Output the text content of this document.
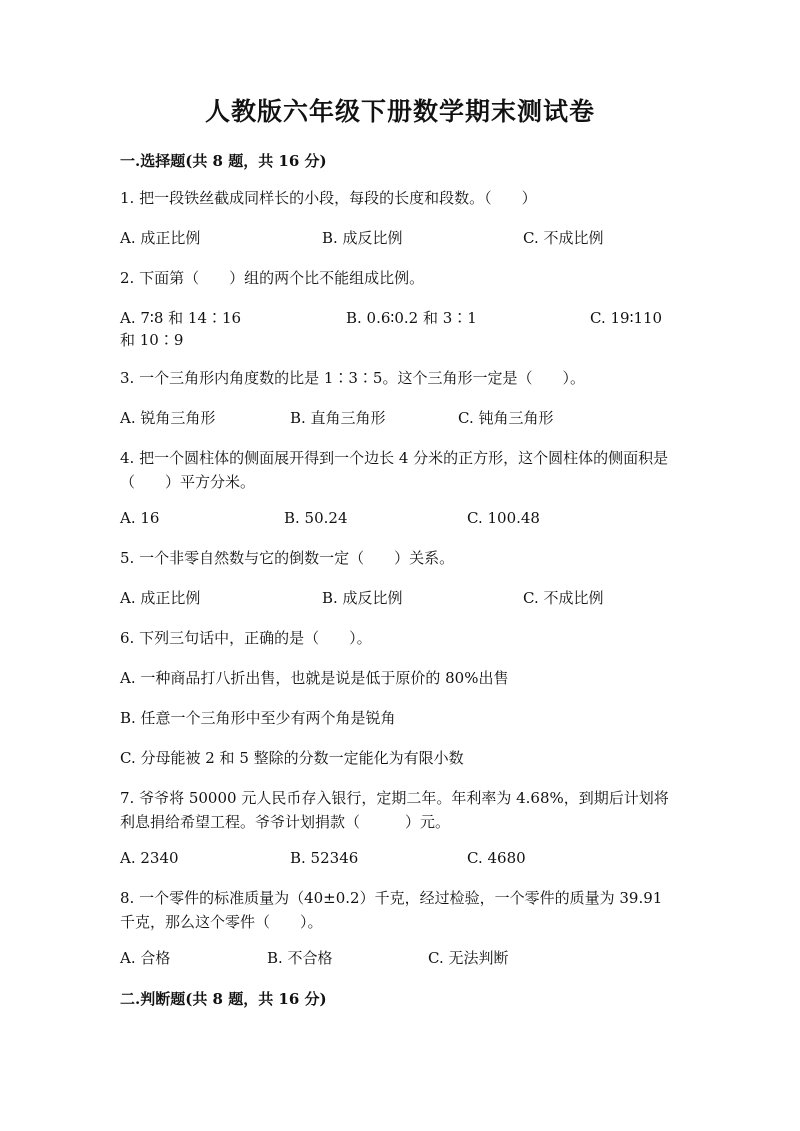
人教版六年级下册数学期末测试卷

一.选择题(共 8 题，共 16 分)

1. 把一段铁丝截成同样长的小段，每段的长度和段数。（　　）

A. 成正比例	B. 成反比例	C. 不成比例

2. 下面第（　　）组的两个比不能组成比例。

A. 7∶8 和 14∶16	B. 0.6∶0.2 和 3∶1	C. 19∶110

和 10∶9

3. 一个三角形内角度数的比是 1∶3∶5。这个三角形一定是（　　）。

A. 锐角三角形	B. 直角三角形	C. 钝角三角形

4. 把一个圆柱体的侧面展开得到一个边长 4 分米的正方形，这个圆柱体的侧面积是（　　）平方分米。

A. 16	B. 50.24	C. 100.48

5. 一个非零自然数与它的倒数一定（　　）关系。

A. 成正比例	B. 成反比例	C. 不成比例

6. 下列三句话中，正确的是（　　）。

A. 一种商品打八折出售，也就是说是低于原价的 80%出售

B. 任意一个三角形中至少有两个角是锐角

C. 分母能被 2 和 5 整除的分数一定能化为有限小数

7. 爷爷将 50000 元人民币存入银行，定期二年。年利率为 4.68%，到期后计划将利息捐给希望工程。爷爷计划捐款（　　　）元。

A. 2340	B. 52346	C. 4680

8. 一个零件的标准质量为（40±0.2）千克，经过检验，一个零件的质量为 39.91 千克，那么这个零件（　　）。

A. 合格	B. 不合格	C. 无法判断

二.判断题(共 8 题，共 16 分)
